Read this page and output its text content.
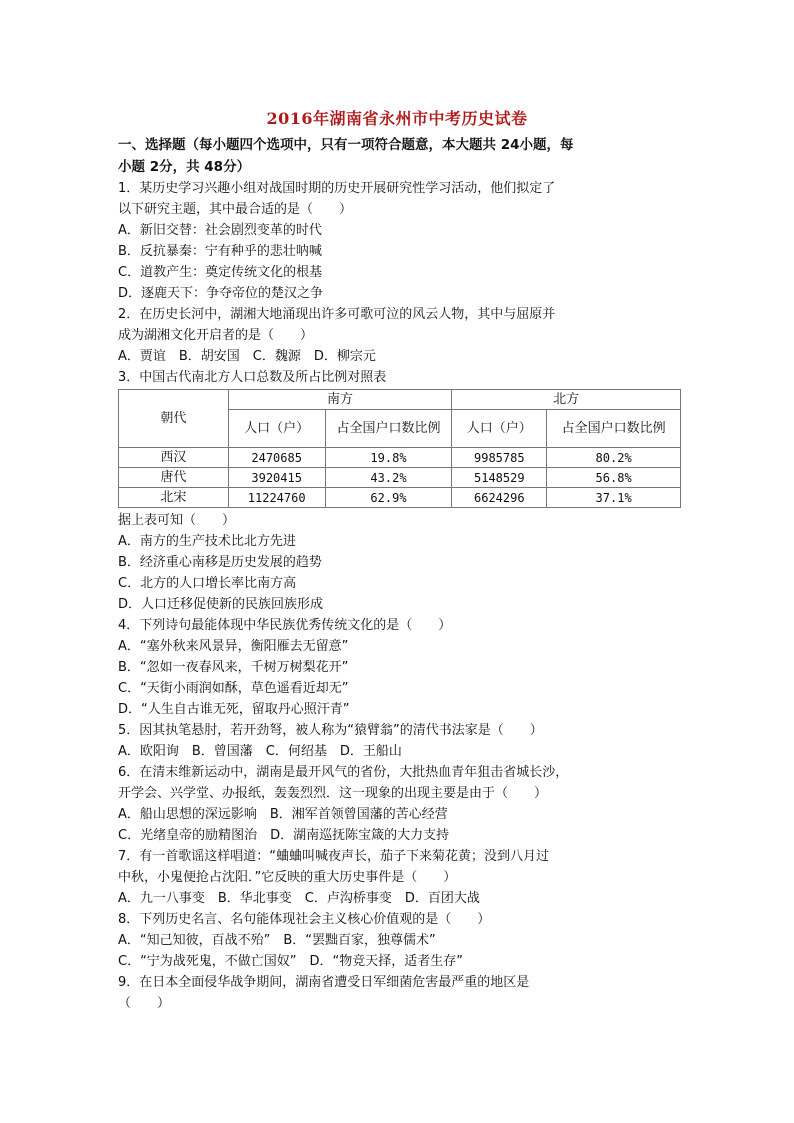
2016年湖南省永州市中考历史试卷
一、选择题（每小题四个选项中，只有一项符合题意，本大题共 24小题，每
小题 2分，共 48分）
1．某历史学习兴趣小组对战国时期的历史开展研究性学习活动，他们拟定了
以下研究主题，其中最合适的是（　　）
A．新旧交替：社会剧烈变革的时代
B．反抗暴秦：宁有种乎的悲壮呐喊
C．道教产生：奠定传统文化的根基
D．逐鹿天下：争夺帝位的楚汉之争
2．在历史长河中，湖湘大地涌现出许多可歌可泣的风云人物，其中与屈原并
成为湖湘文化开启者的是（　　）
A．贾谊　B．胡安国　C．魏源　D．柳宗元
3．中国古代南北方人口总数及所占比例对照表
朝代	南方		北方	
	人口（户）	占全国户口数比例	人口（户）	占全国户口数比例
西汉	2470685	19.8%	9985785	80.2%
唐代	3920415	43.2%	5148529	56.8%
北宋	11224760	62.9%	6624296	37.1%
据上表可知（　　）
A．南方的生产技术比北方先进
B．经济重心南移是历史发展的趋势
C．北方的人口增长率比南方高
D．人口迁移促使新的民族回族形成
4．下列诗句最能体现中华民族优秀传统文化的是（　　）
A．“塞外秋来风景异，衡阳雁去无留意”
B．“忽如一夜春风来，千树万树梨花开”
C．“天街小雨润如酥，草色遥看近却无”
D．“人生自古谁无死，留取丹心照汗青”
5．因其执笔悬肘，若开劲弩，被人称为“猿臂翁”的清代书法家是（　　）
A．欧阳询　B．曾国藩　C．何绍基　D．王船山
6．在清末维新运动中，湖南是最开风气的省份，大批热血青年狙击省城长沙，
开学会、兴学堂、办报纸，轰轰烈烈．这一现象的出现主要是由于（　　）
A．船山思想的深远影响　B．湘军首领曾国藩的苦心经营
C．光绪皇帝的励精图治　D．湖南巡抚陈宝箴的大力支持
7．有一首歌谣这样唱道：“蛐蛐叫喊夜声长，茄子下来菊花黄；没到八月过
中秋，小鬼便抢占沈阳．”它反映的重大历史事件是（　　）
A．九一八事变　B．华北事变　C．卢沟桥事变　D．百团大战
8．下列历史名言、名句能体现社会主义核心价值观的是（　　）
A．“知己知彼，百战不殆”　B．“罢黜百家，独尊儒术”
C．“宁为战死鬼，不做亡国奴”　D．“物竞天择，适者生存”
9．在日本全面侵华战争期间，湖南省遭受日军细菌危害最严重的地区是
（　　）
